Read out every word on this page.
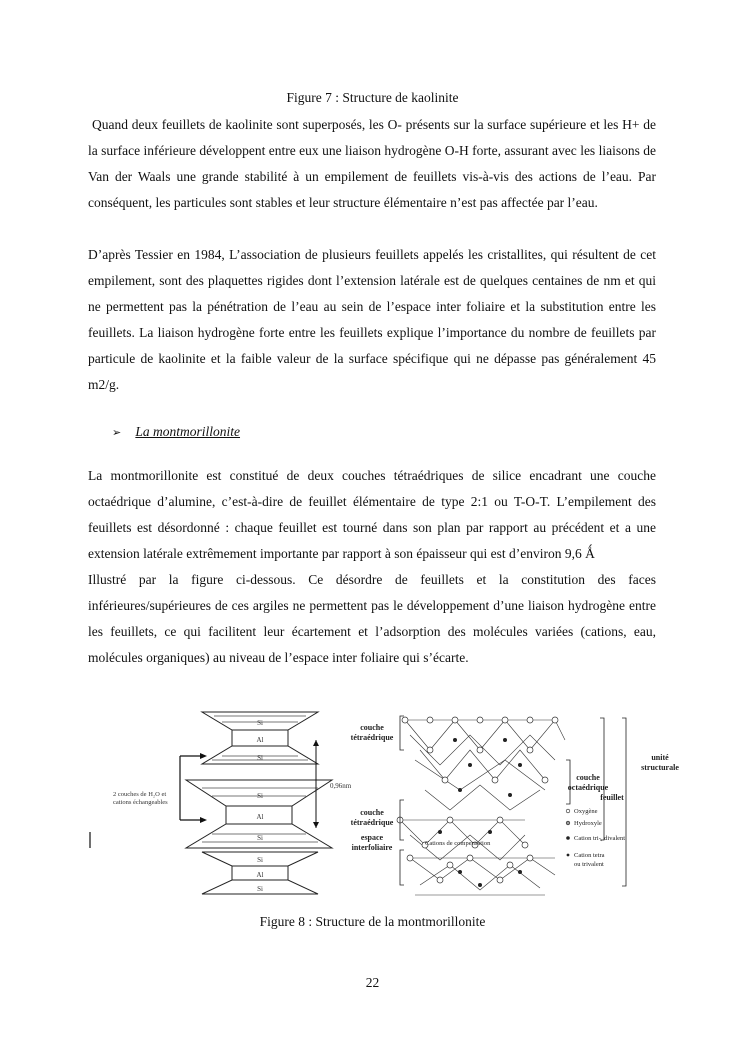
Figure 7 : Structure de kaolinite

Quand deux feuillets de kaolinite sont superposés, les O- présents sur la surface supérieure et les H+ de la surface inférieure développent entre eux une liaison hydrogène O-H forte, assurant avec les liaisons de Van der Waals une grande stabilité à un empilement de feuillets vis-à-vis des actions de l’eau. Par conséquent, les particules sont stables et leur structure élémentaire n’est pas affectée par l’eau.

D’après Tessier en 1984, L’association de plusieurs feuillets appelés les cristallites, qui résultent de cet empilement, sont des plaquettes rigides dont l’extension latérale est de quelques centaines de nm et qui ne permettent pas la pénétration de l’eau au sein de l’espace inter foliaire et la substitution entre les feuillets. La liaison hydrogène forte entre les feuillets explique l’importance du nombre de feuillets par particule de kaolinite et la faible valeur de la surface spécifique qui ne dépasse pas généralement 45 m2/g.

➢ La montmorillonite

La montmorillonite est constitué de deux couches tétraédriques de silice encadrant une couche octaédrique d’alumine, c’est-à-dire de feuillet élémentaire de type 2:1 ou T-O-T. L’empilement des feuillets est désordonné : chaque feuillet est tourné dans son plan par rapport au précédent et a une extension latérale extrêmement importante par rapport à son épaisseur qui est d’environ 9,6 Ǻ

Illustré par la figure ci-dessous. Ce désordre de feuillets et la constitution des faces inférieures/supérieures de ces argiles ne permettent pas le développement d’une liaison hydrogène entre les feuillets, ce qui facilitent leur écartement et l’adsorption des molécules variées (cations, eau, molécules organiques) au niveau de l’espace inter foliaire qui s’écarte.

Si
Al
Si
Si
Al
Si
Si
Al
Si
2 couches de H₂O et
cations échangeables
0,96nm
couche
tétraédrique
couche
tétraédrique
espace
interfoliaire
couche
octaédrique
feuillet
unité
structurale
Cations de compensation
Oxygène
Hydroxyle
Cation tri-, divalent
Cation tetra
ou trivalent
Figure 8 : Structure de la montmorillonite
22
